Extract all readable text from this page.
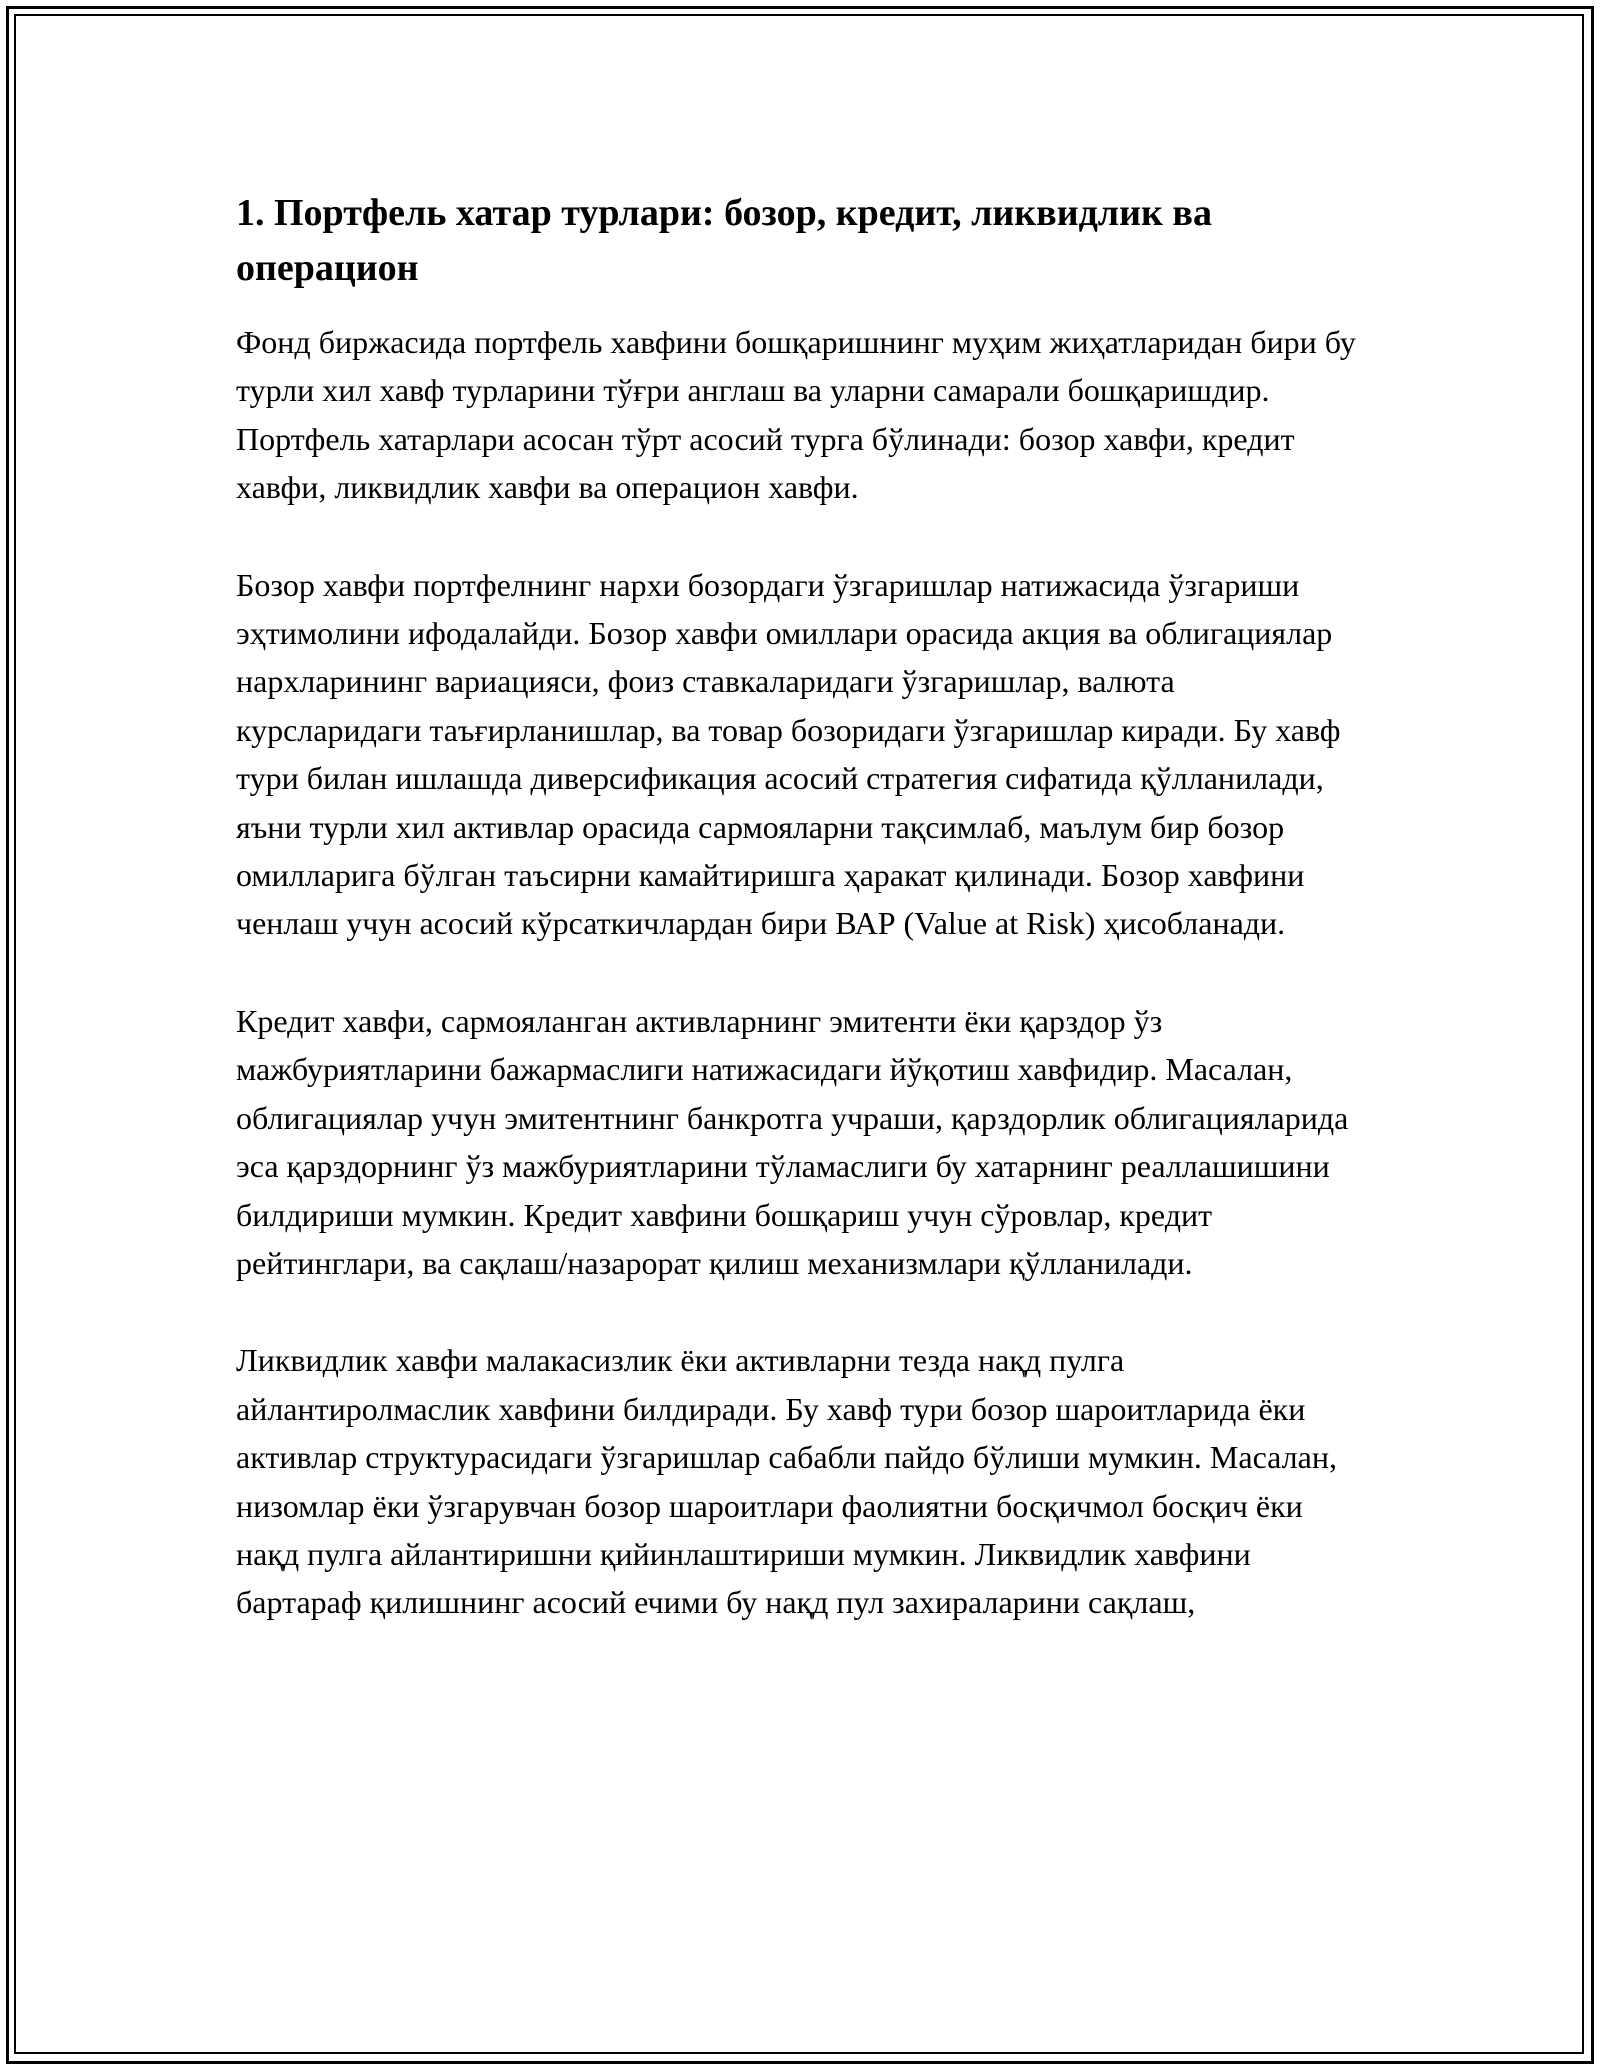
1. Портфель хатар турлари: бозор, кредит, ликвидлик ва операцион

Фонд биржасида портфель хавфини бошқаришнинг муҳим жиҳатларидан бири бу турли хил хавф турларини тўғри англаш ва уларни самарали бошқаришдир. Портфель хатарлари асосан тўрт асосий турга бўлинади: бозор хавфи, кредит хавфи, ликвидлик хавфи ва операцион хавфи.

Бозор хавфи портфелнинг нархи бозордаги ўзгаришлар натижасида ўзгариши эҳтимолини ифодалайди. Бозор хавфи омиллари орасида акция ва облигациялар нархларининг вариацияси, фоиз ставкаларидаги ўзгаришлар, валюта курсларидаги таъғирланишлар, ва товар бозоридаги ўзгаришлар киради. Бу хавф тури билан ишлашда диверсификация асосий стратегия сифатида қўлланилади, яъни турли хил активлар орасида сармояларни тақсимлаб, маълум бир бозор омилларига бўлган таъсирни камайтиришга ҳаракат қилинади. Бозор хавфини ченлаш учун асосий кўрсаткичлардан бири ВАР (Value at Risk) ҳисобланади.

Кредит хавфи, сармояланган активларнинг эмитенти ёки қарздор ўз мажбуриятларини бажармаслиги натижасидаги йўқотиш хавфидир. Масалан, облигациялар учун эмитентнинг банкротга учраши, қарздорлик облигацияларида эса қарздорнинг ўз мажбуриятларини тўламаслиги бу хатарнинг реаллашишини билдириши мумкин. Кредит хавфини бошқариш учун сўровлар, кредит рейтинглари, ва сақлаш/назарорат қилиш механизмлари қўлланилади.

Ликвидлик хавфи малакасизлик ёки активларни тезда нақд пулга айлантиролмаслик хавфини билдиради. Бу хавф тури бозор шароитларида ёки активлар структурасидаги ўзгаришлар сабабли пайдо бўлиши мумкин. Масалан, низомлар ёки ўзгарувчан бозор шароитлари фаолиятни босқичмол босқич ёки нақд пулга айлантиришни қийинлаштириши мумкин. Ликвидлик хавфини бартараф қилишнинг асосий ечими бу нақд пул захираларини сақлаш,
